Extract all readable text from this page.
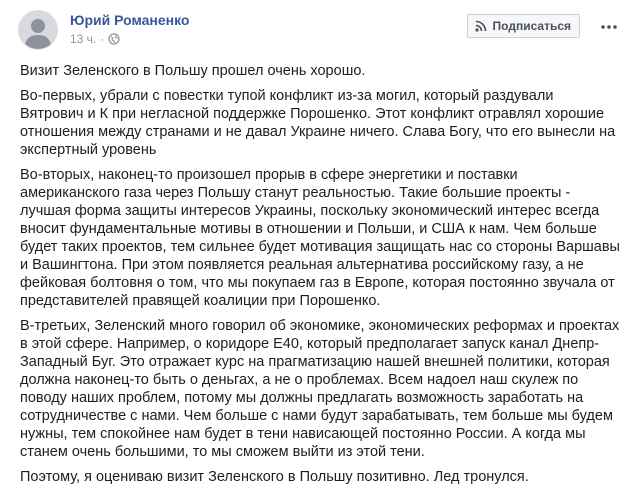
Юрий Романенко
13 ч. ·
Подписаться

Визит Зеленского в Польшу прошел очень хорошо.

Во-первых, убрали с повестки тупой конфликт из-за могил, который раздували Вятрович и К при негласной поддержке Порошенко. Этот конфликт отравлял хорошие отношения между странами и не давал Украине ничего. Слава Богу, что его вынесли на экспертный уровень

Во-вторых, наконец-то произошел прорыв в сфере энергетики и поставки американского газа через Польшу станут реальностью. Такие большие проекты - лучшая форма защиты интересов Украины, поскольку экономический интерес всегда вносит фундаментальные мотивы в отношении и Польши, и США к нам. Чем больше будет таких проектов, тем сильнее будет мотивация защищать нас со стороны Варшавы и Вашингтона. При этом появляется реальная альтернатива российскому газу, а не фейковая болтовня о том, что мы покупаем газ в Европе, которая постоянно звучала от представителей правящей коалиции при Порошенко.

В-третьих, Зеленский много говорил об экономике, экономических реформах и проектах в этой сфере. Например, о коридоре Е40, который предполагает запуск канал Днепр-Западный Буг. Это отражает курс на прагматизацию нашей внешней политики, которая должна наконец-то быть о деньгах, а не о проблемах. Всем надоел наш скулеж по поводу наших проблем, потому мы должны предлагать возможность заработать на сотрудничестве с нами. Чем больше с нами будут зарабатывать, тем больше мы будем нужны, тем спокойнее нам будет в тени нависающей постоянно России. А когда мы станем очень большими, то мы сможем выйти из этой тени.

Поэтому, я оцениваю визит Зеленского в Польшу позитивно. Лед тронулся.
